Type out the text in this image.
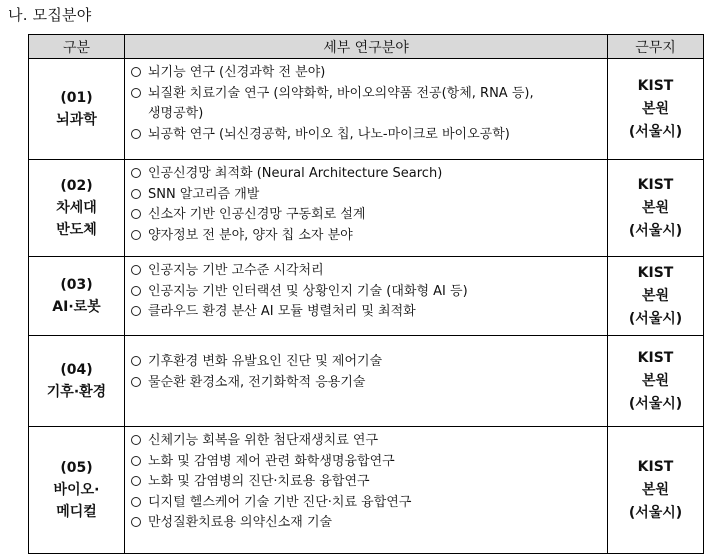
나. 모집분야
구분	세부 연구분야	근무지

(01)
뇌과학	뇌기능 연구 (신경과학 전 분야)
뇌질환 치료기술 연구 (의약화학, 바이오의약품 전공(항체, RNA 등),
생명공학)
뇌공학 연구 (뇌신경공학, 바이오 칩, 나노-마이크로 바이오공학)	KIST
본원
(서울시)

(02)
차세대
반도체	인공신경망 최적화 (Neural Architecture Search)
SNN 알고리즘 개발
신소자 기반 인공신경망 구동회로 설계
양자정보 전 분야, 양자 칩 소자 분야	KIST
본원
(서울시)

(03)
AI·로봇	인공지능 기반 고수준 시각처리
인공지능 기반 인터랙션 및 상황인지 기술 (대화형 AI 등)
클라우드 환경 분산 AI 모듈 병렬처리 및 최적화	KIST
본원
(서울시)

(04)
기후·환경	기후환경 변화 유발요인 진단 및 제어기술
물순환 환경소재, 전기화학적 응용기술	KIST
본원
(서울시)

(05)
바이오·
메디컬	신체기능 회복을 위한 첨단재생치료 연구
노화 및 감염병 제어 관련 화학생명융합연구
노화 및 감염병의 진단·치료용 융합연구
디지털 헬스케어 기술 기반 진단·치료 융합연구
만성질환치료용 의약신소재 기술	KIST
본원
(서울시)
